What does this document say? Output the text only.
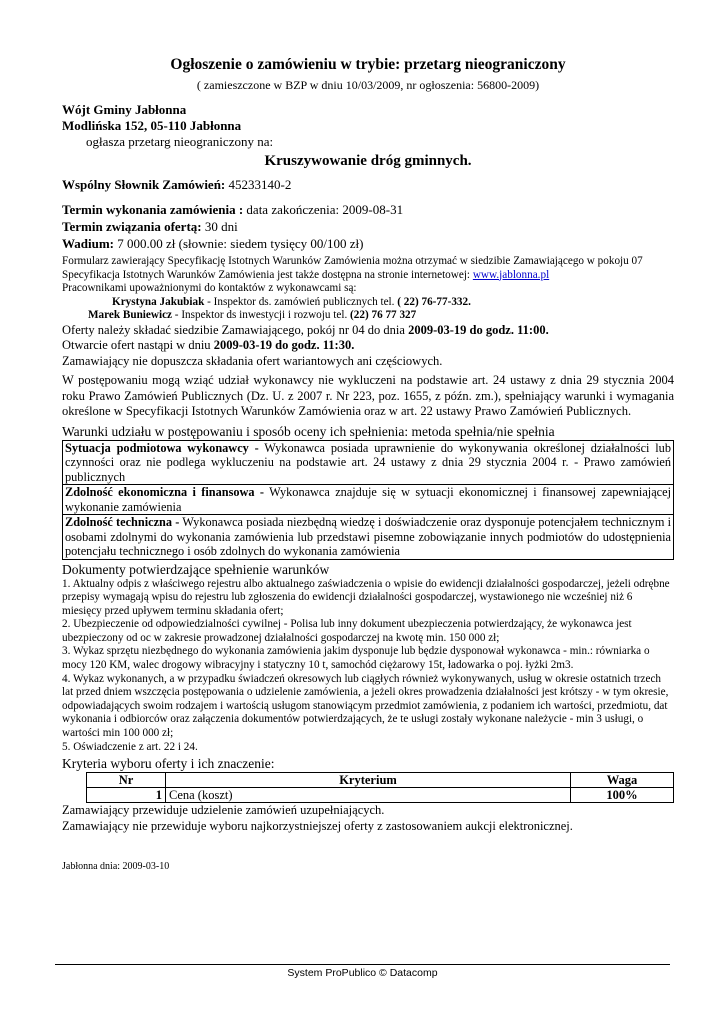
Ogłoszenie o zamówieniu w trybie: przetarg nieograniczony
( zamieszczone w BZP w dniu 10/03/2009, nr ogłoszenia: 56800-2009)
Wójt Gminy Jabłonna
Modlińska 152, 05-110 Jabłonna
ogłasza przetarg nieograniczony na:
Kruszywowanie dróg gminnych.
Wspólny Słownik Zamówień: 45233140-2
Termin wykonania zamówienia : data zakończenia: 2009-08-31
Termin związania ofertą: 30 dni
Wadium: 7 000.00 zł (słownie: siedem tysięcy 00/100 zł)
Formularz zawierający Specyfikację Istotnych Warunków Zamówienia można otrzymać w siedzibie Zamawiającego w pokoju 07
Specyfikacja Istotnych Warunków Zamówienia jest także dostępna na stronie internetowej: www.jablonna.pl
Pracownikami upoważnionymi do kontaktów z wykonawcami są:
Krystyna Jakubiak - Inspektor ds. zamówień publicznych tel. ( 22) 76-77-332.
Marek Buniewicz - Inspektor ds inwestycji i rozwoju tel. (22) 76 77 327
Oferty należy składać siedzibie Zamawiającego, pokój nr 04 do dnia 2009-03-19 do godz. 11:00.
Otwarcie ofert nastąpi w dniu 2009-03-19 do godz. 11:30.
Zamawiający nie dopuszcza składania ofert wariantowych ani częściowych.
W postępowaniu mogą wziąć udział wykonawcy nie wykluczeni na podstawie art. 24 ustawy z dnia 29 stycznia 2004 roku Prawo Zamówień Publicznych (Dz. U. z 2007 r. Nr 223, poz. 1655, z późn. zm.), spełniający warunki i wymagania określone w Specyfikacji Istotnych Warunków Zamówienia oraz w art. 22 ustawy Prawo Zamówień Publicznych.
Warunki udziału w postępowaniu i sposób oceny ich spełnienia: metoda spełnia/nie spełnia
Sytuacja podmiotowa wykonawcy - Wykonawca posiada uprawnienie do wykonywania określonej działalności lub czynności oraz nie podlega wykluczeniu na podstawie art. 24 ustawy z dnia 29 stycznia 2004 r. - Prawo zamówień publicznych
Zdolność ekonomiczna i finansowa - Wykonawca znajduje się w sytuacji ekonomicznej i finansowej zapewniającej wykonanie zamówienia
Zdolność techniczna - Wykonawca posiada niezbędną wiedzę i doświadczenie oraz dysponuje potencjałem technicznym i osobami zdolnymi do wykonania zamówienia lub przedstawi pisemne zobowiązanie innych podmiotów do udostępnienia potencjału technicznego i osób zdolnych do wykonania zamówienia
Dokumenty potwierdzające spełnienie warunków
1. Aktualny odpis z właściwego rejestru albo aktualnego zaświadczenia o wpisie do ewidencji działalności gospodarczej, jeżeli odrębne przepisy wymagają wpisu do rejestru lub zgłoszenia do ewidencji działalności gospodarczej, wystawionego nie wcześniej niż 6 miesięcy przed upływem terminu składania ofert;
2. Ubezpieczenie od odpowiedzialności cywilnej - Polisa lub inny dokument ubezpieczenia potwierdzający, że wykonawca jest ubezpieczony od oc w zakresie prowadzonej działalności gospodarczej na kwotę min. 150 000 zł;
3. Wykaz sprzętu niezbędnego do wykonania zamówienia jakim dysponuje lub będzie dysponował wykonawca - min.: równiarka o mocy 120 KM, walec drogowy wibracyjny i statyczny 10 t, samochód ciężarowy 15t, ładowarka o poj. łyżki 2m3.
4. Wykaz wykonanych, a w przypadku świadczeń okresowych lub ciągłych również wykonywanych, usług w okresie ostatnich trzech lat przed dniem wszczęcia postępowania o udzielenie zamówienia, a jeżeli okres prowadzenia działalności jest krótszy - w tym okresie, odpowiadających swoim rodzajem i wartością usługom stanowiącym przedmiot zamówienia, z podaniem ich wartości, przedmiotu, dat wykonania i odbiorców oraz załączenia dokumentów potwierdzających, że te usługi zostały wykonane należycie - min 3 usługi, o wartości min 100 000 zł;
5. Oświadczenie z art. 22 i 24.
Kryteria wyboru oferty i ich znaczenie:
Nr	Kryterium	Waga
1	Cena (koszt)	100%
Zamawiający przewiduje udzielenie zamówień uzupełniających.
Zamawiający nie przewiduje wyboru najkorzystniejszej oferty z zastosowaniem aukcji elektronicznej.
Jabłonna dnia: 2009-03-10
System ProPublico © Datacomp
